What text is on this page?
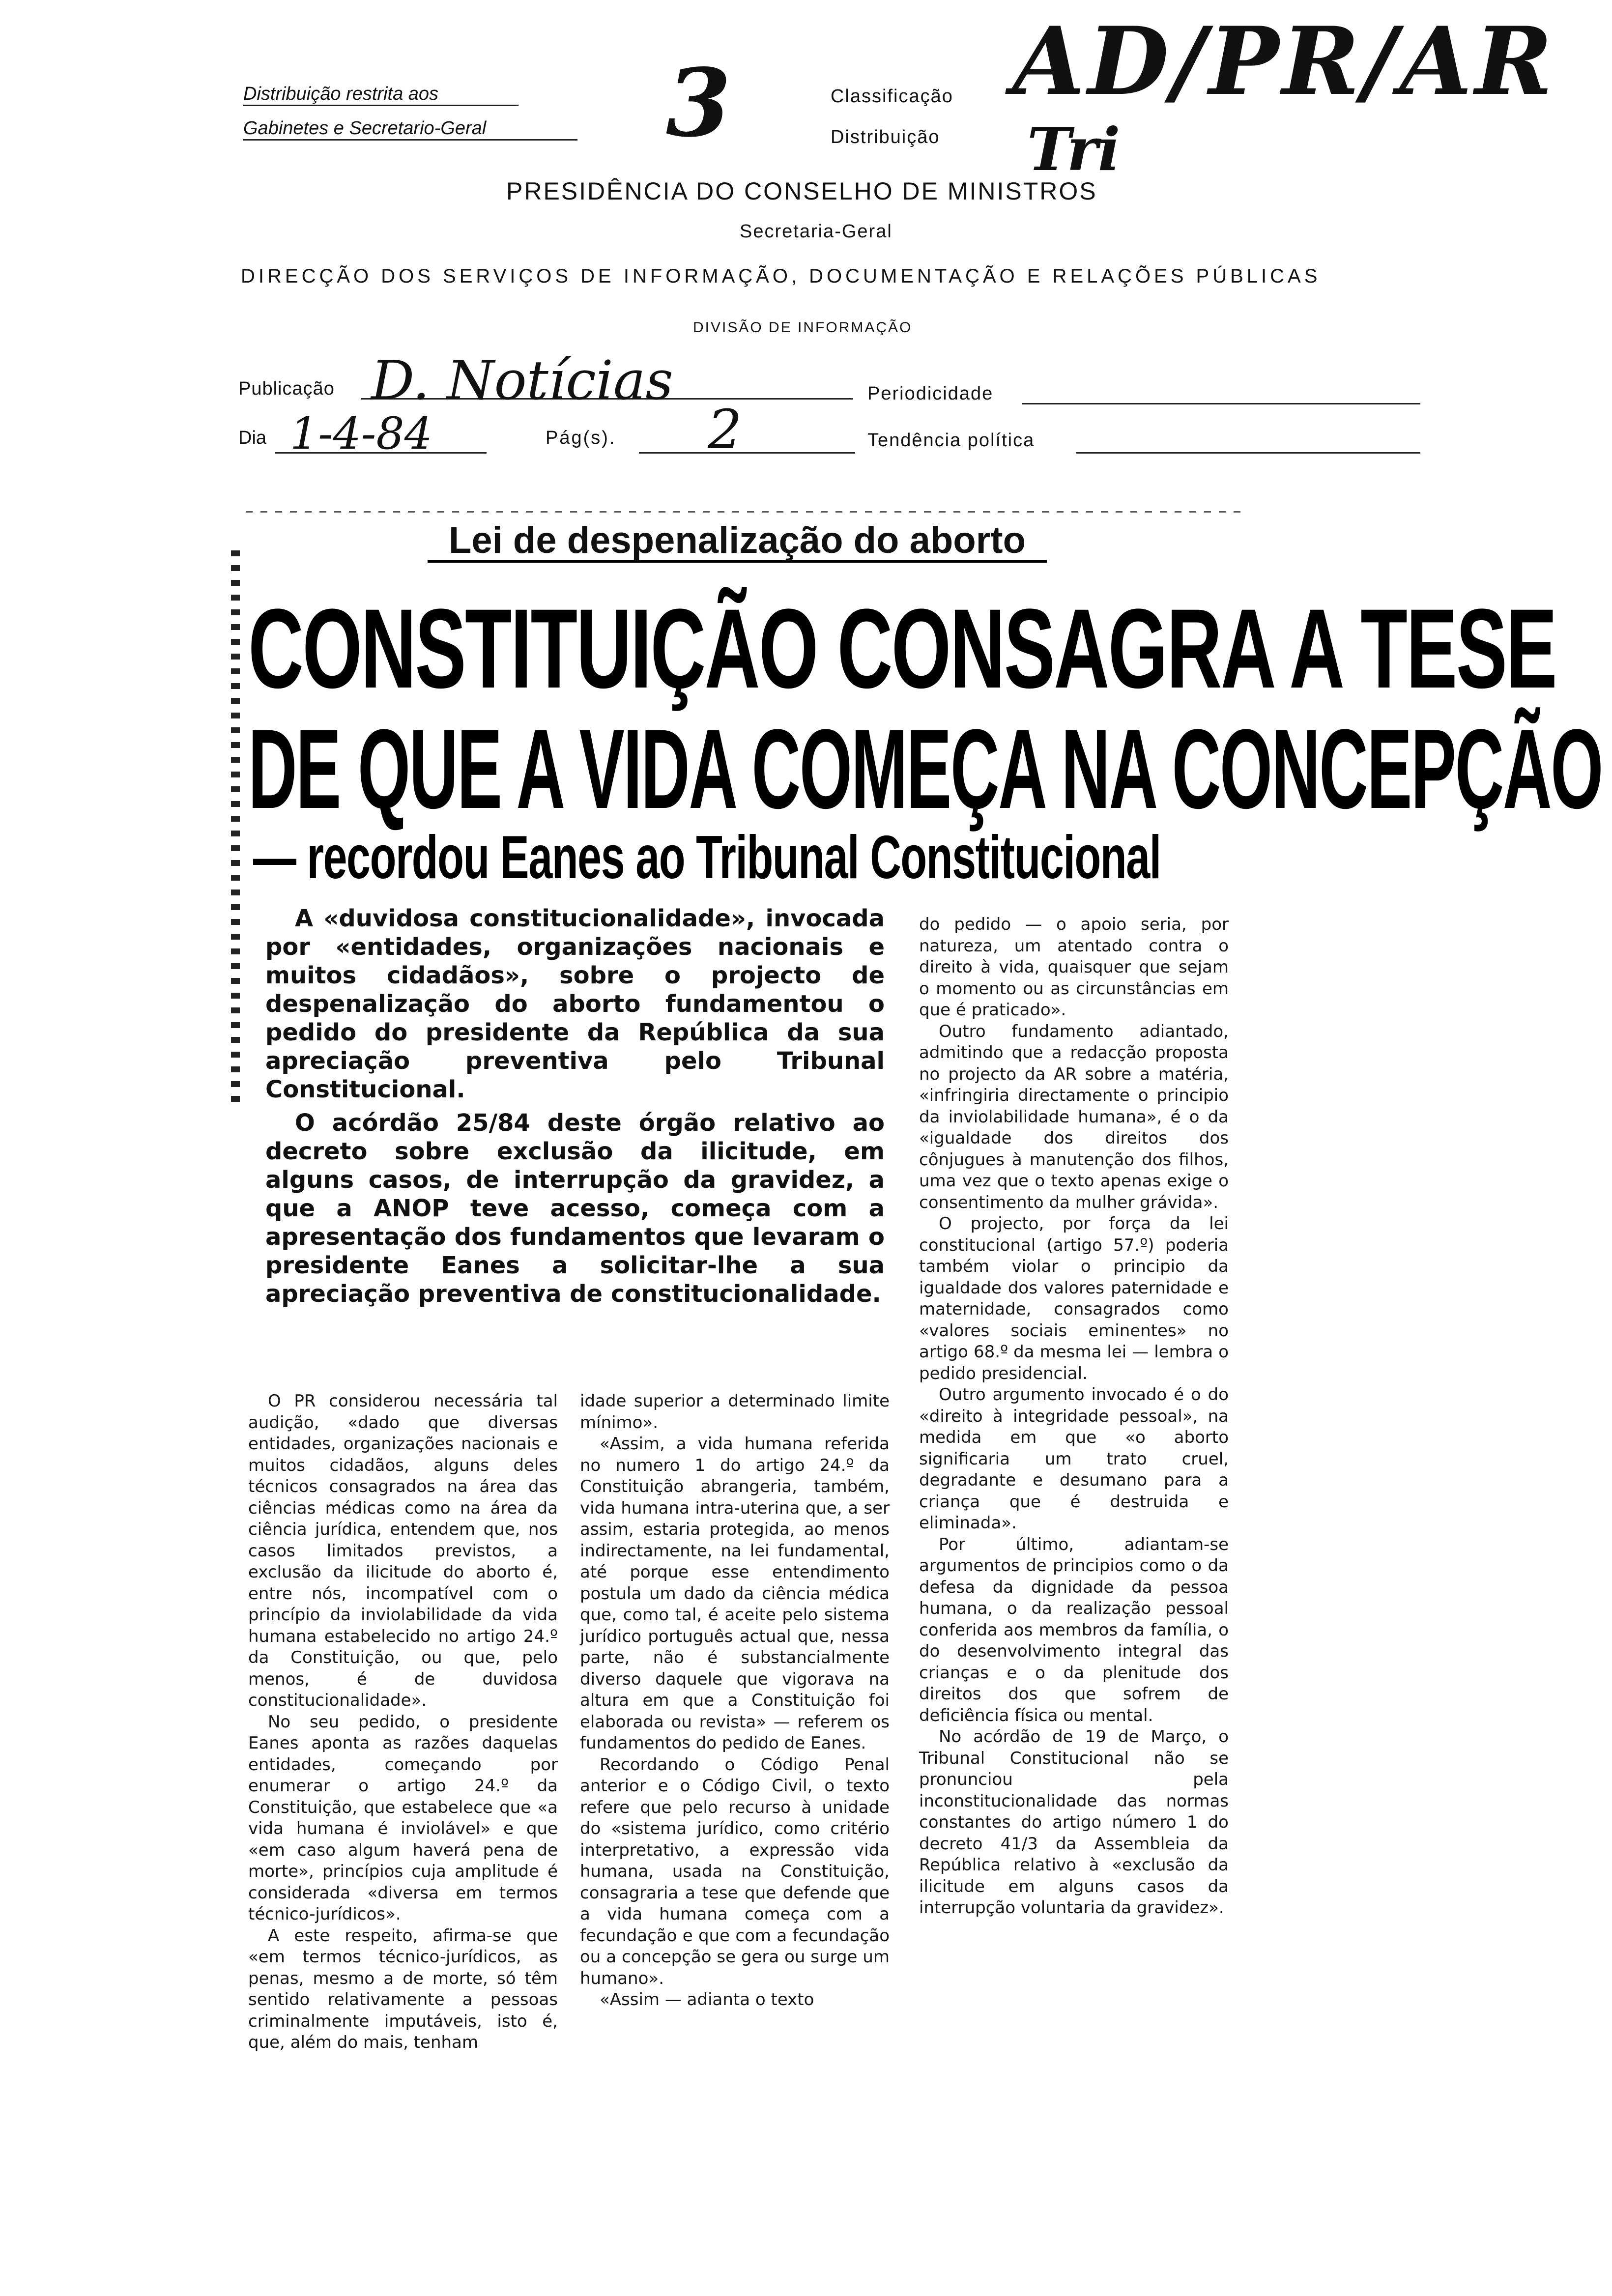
Distribuição restrita aos
Gabinetes e Secretario-Geral	3	Classificação
Distribuição
AD/PR/AR
Tri
PRESIDÊNCIA DO CONSELHO DE MINISTROS
Secretaria-Geral
DIRECÇÃO DOS SERVIÇOS DE INFORMAÇÃO, DOCUMENTAÇÃO E RELAÇÕES PÚBLICAS
DIVISÃO DE INFORMAÇÃO
Publicação D. Notícias	Periodicidade
Dia 1-4-84	Pág(s). 2	Tendência política
Lei de despenalização do aborto
CONSTITUIÇÃO CONSAGRA A TESE
DE QUE A VIDA COMEÇA NA CONCEPÇÃO
— recordou Eanes ao Tribunal Constitucional

A «duvidosa constitucionalidade», invocada por «entidades, organizações nacionais e muitos cidadãos», sobre o projecto de despenalização do aborto fundamentou o pedido do presidente da República da sua apreciação preventiva pelo Tribunal Constitucional.

O acórdão 25/84 deste órgão relativo ao decreto sobre exclusão da ilicitude, em alguns casos, de interrupção da gravidez, a que a ANOP teve acesso, começa com a apresentação dos fundamentos que levaram o presidente Eanes a solicitar-lhe a sua apreciação preventiva de constitucionalidade.

O PR considerou necessária tal audição, «dado que diversas entidades, organizações nacionais e muitos cidadãos, alguns deles técnicos consagrados na área das ciências médicas como na área da ciência jurídica, entendem que, nos casos limitados previstos, a exclusão da ilicitude do aborto é, entre nós, incompatível com o princípio da inviolabilidade da vida humana estabelecido no artigo 24.º da Constituição, ou que, pelo menos, é de duvidosa constitucionalidade».

No seu pedido, o presidente Eanes aponta as razões daquelas entidades, começando por enumerar o artigo 24.º da Constituição, que estabelece que «a vida humana é inviolável» e que «em caso algum haverá pena de morte», princípios cuja amplitude é considerada «diversa em termos técnico-jurídicos».

A este respeito, afirma-se que «em termos técnico-jurídicos, as penas, mesmo a de morte, só têm sentido relativamente a pessoas criminalmente imputáveis, isto é, que, além do mais, tenham

idade superior a determinado limite mínimo».

«Assim, a vida humana referida no numero 1 do artigo 24.º da Constituição abrangeria, também, vida humana intra-uterina que, a ser assim, estaria protegida, ao menos indirectamente, na lei fundamental, até porque esse entendimento postula um dado da ciência médica que, como tal, é aceite pelo sistema jurídico português actual que, nessa parte, não é substancialmente diverso daquele que vigorava na altura em que a Constituição foi elaborada ou revista» — referem os fundamentos do pedido de Eanes.

Recordando o Código Penal anterior e o Código Civil, o texto refere que pelo recurso à unidade do «sistema jurídico, como critério interpretativo, a expressão vida humana, usada na Constituição, consagraria a tese que defende que a vida humana começa com a fecundação e que com a fecundação ou a concepção se gera ou surge um humano».

«Assim — adianta o texto

do pedido — o apoio seria, por natureza, um atentado contra o direito à vida, quaisquer que sejam o momento ou as circunstâncias em que é praticado».

Outro fundamento adiantado, admitindo que a redacção proposta no projecto da AR sobre a matéria, «infringiria directamente o principio da inviolabilidade humana», é o da «igualdade dos direitos dos cônjugues à manutenção dos filhos, uma vez que o texto apenas exige o consentimento da mulher grávida».

O projecto, por força da lei constitucional (artigo 57.º) poderia também violar o principio da igualdade dos valores paternidade e maternidade, consagrados como «valores sociais eminentes» no artigo 68.º da mesma lei — lembra o pedido presidencial.

Outro argumento invocado é o do «direito à integridade pessoal», na medida em que «o aborto significaria um trato cruel, degradante e desumano para a criança que é destruida e eliminada».

Por último, adiantam-se argumentos de principios como o da defesa da dignidade da pessoa humana, o da realização pessoal conferida aos membros da família, o do desenvolvimento integral das crianças e o da plenitude dos direitos dos que sofrem de deficiência física ou mental.

No acórdão de 19 de Março, o Tribunal Constitucional não se pronunciou pela inconstitucionalidade das normas constantes do artigo número 1 do decreto 41/3 da Assembleia da República relativo à «exclusão da ilicitude em alguns casos da interrupção voluntaria da gravidez».
